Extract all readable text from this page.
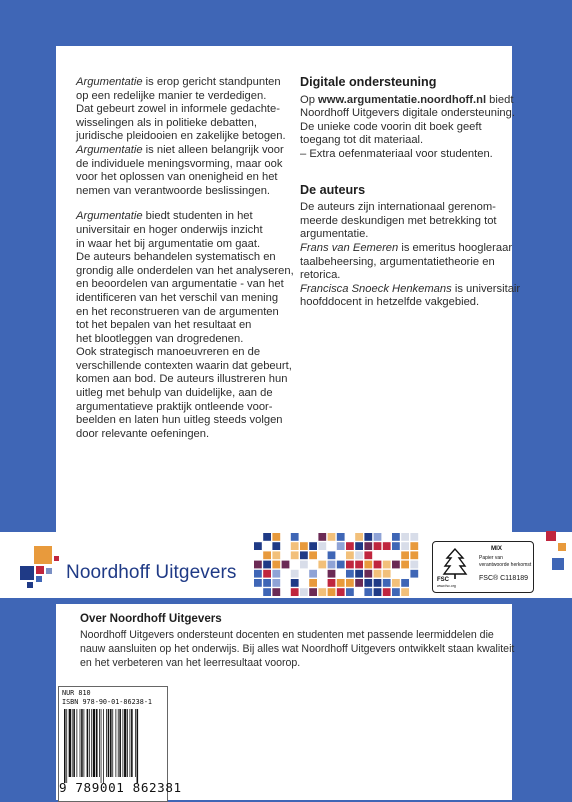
Argumentatie is erop gericht standpunten
op een redelijke manier te verdedigen.
Dat gebeurt zowel in informele gedachte-
wisselingen als in politieke debatten,
juridische pleidooien en zakelijke betogen.
Argumentatie is niet alleen belangrijk voor
de individuele meningsvorming, maar ook
voor het oplossen van onenigheid en het
nemen van verantwoorde beslissingen.

Argumentatie biedt studenten in het
universitair en hoger onderwijs inzicht
in waar het bij argumentatie om gaat.
De auteurs behandelen systematisch en
grondig alle onderdelen van het analyseren,
en beoordelen van argumentatie - van het
identificeren van het verschil van mening
en het reconstrueren van de argumenten
tot het bepalen van het resultaat en
het blootleggen van drogredenen.
Ook strategisch manoeuvreren en de
verschillende contexten waarin dat gebeurt,
komen aan bod. De auteurs illustreren hun
uitleg met behulp van duidelijke, aan de
argumentatieve praktijk ontleende voor-
beelden en laten hun uitleg steeds volgen
door relevante oefeningen.

Digitale ondersteuning

Op www.argumentatie.noordhoff.nl biedt
Noordhoff Uitgevers digitale ondersteuning.
De unieke code voorin dit boek geeft
toegang tot dit materiaal.
– Extra oefenmateriaal voor studenten.

De auteurs

De auteurs zijn internationaal gerenom-
meerde deskundigen met betrekking tot
argumentatie.
Frans van Eemeren is emeritus hoogleraar
taalbeheersing, argumentatietheorie en
retorica.
Francisca Snoeck Henkemans is universitair
hoofddocent in hetzelfde vakgebied.

Noordhoff Uitgevers
MIX
Papier van
verantwoorde herkomst
FSC® C118189
FSC
www.fsc.org
Over Noordhoff Uitgevers
Noordhoff Uitgevers ondersteunt docenten en studenten met passende leermiddelen die
nauw aansluiten op het onderwijs. Bij alles wat Noordhoff Uitgevers ontwikkelt staan kwaliteit
en het verbeteren van het leerresultaat voorop.
NUR 810
ISBN 978-90-01-86238-1
9 789001 862381
